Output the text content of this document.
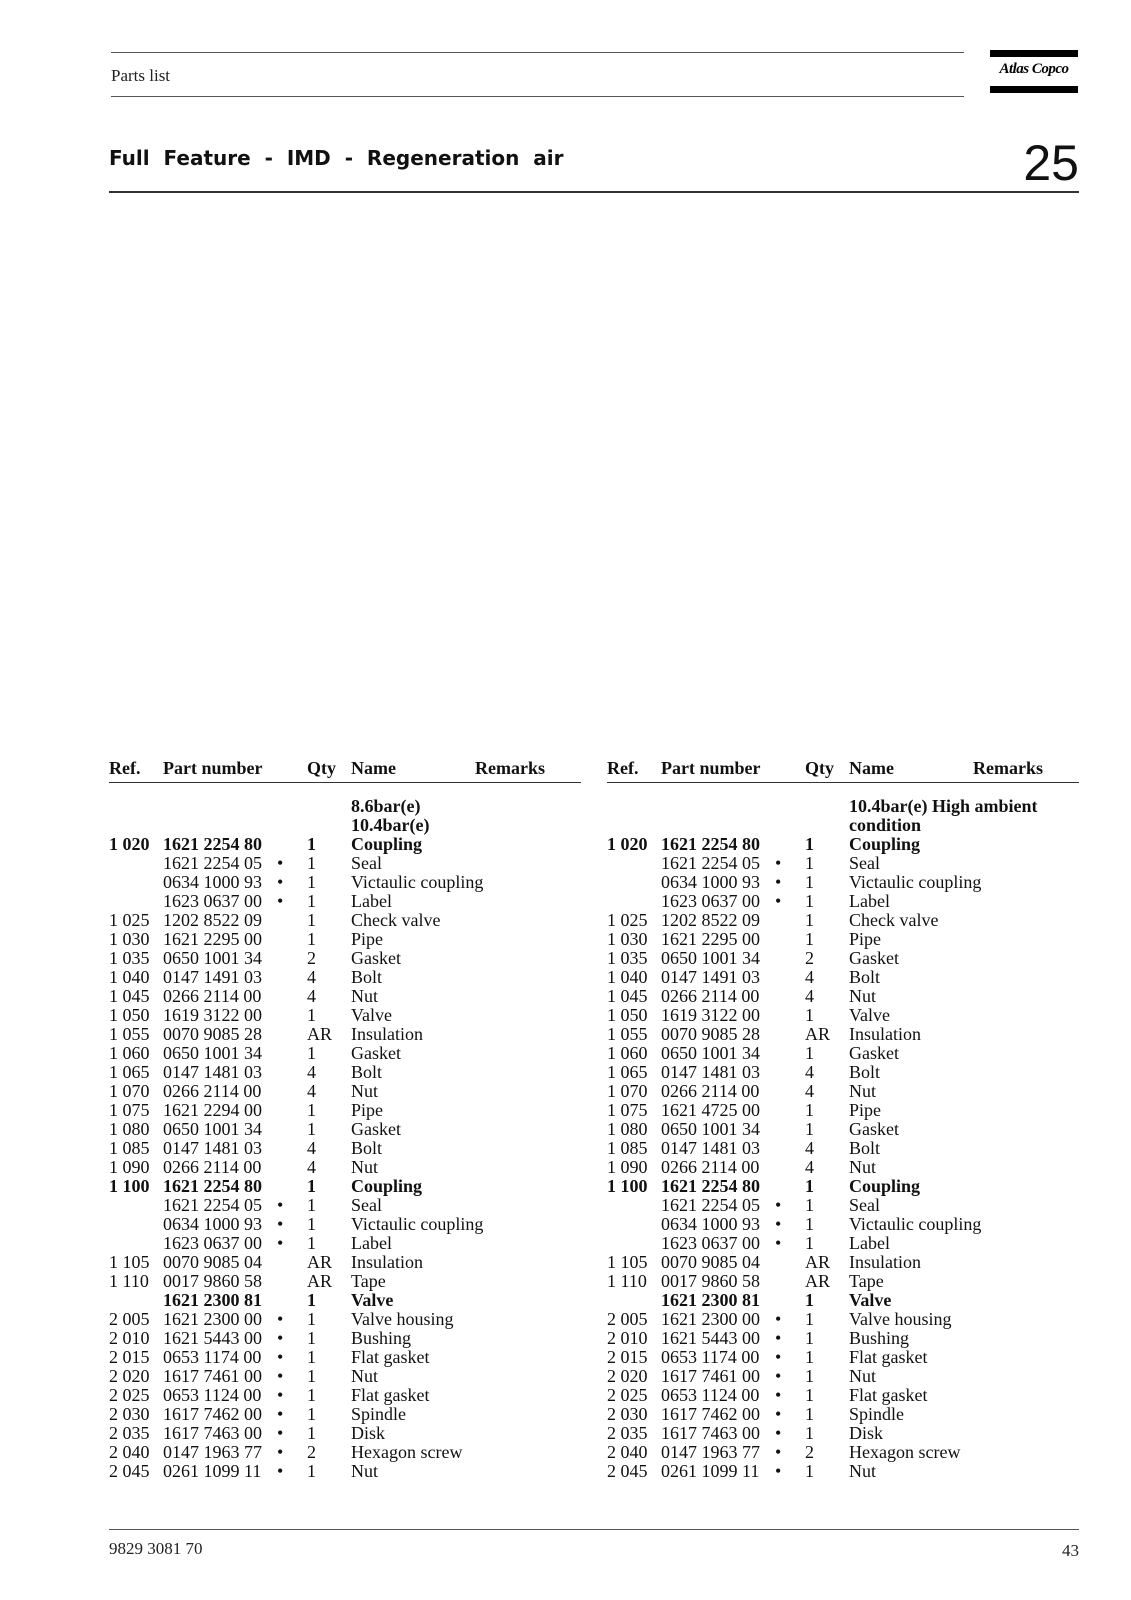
Parts list	Atlas Copco
Full  Feature  -  IMD  -  Regeneration  air	25
Ref. Part number Qty Name	Remarks
8.6bar(e)
10.4bar(e)
1 020 1621 2254 80	1 Coupling
1621 2254 05 • 1 Seal
0634 1000 93 • 1 Victaulic coupling
1623 0637 00 • 1 Label
1 025 1202 8522 09	1 Check valve
1 030 1621 2295 00	1 Pipe
1 035 0650 1001 34	2 Gasket
1 040 0147 1491 03	4 Bolt
1 045 0266 2114 00	4 Nut
1 050 1619 3122 00	1 Valve
1 055 0070 9085 28	AR Insulation
1 060 0650 1001 34	1 Gasket
1 065 0147 1481 03	4 Bolt
1 070 0266 2114 00	4 Nut
1 075 1621 2294 00	1 Pipe
1 080 0650 1001 34	1 Gasket
1 085 0147 1481 03	4 Bolt
1 090 0266 2114 00	4 Nut
1 100 1621 2254 80	1 Coupling
1621 2254 05 • 1 Seal
0634 1000 93 • 1 Victaulic coupling
1623 0637 00 • 1 Label
1 105 0070 9085 04	AR Insulation
1 110 0017 9860 58	AR Tape
1621 2300 81	1 Valve
2 005 1621 2300 00 • 1 Valve housing
2 010 1621 5443 00 • 1 Bushing
2 015 0653 1174 00 • 1 Flat gasket
2 020 1617 7461 00 • 1 Nut
2 025 0653 1124 00 • 1 Flat gasket
2 030 1617 7462 00 • 1 Spindle
2 035 1617 7463 00 • 1 Disk
2 040 0147 1963 77 • 2 Hexagon screw
2 045 0261 1099 11 • 1 Nut
Ref. Part number Qty Name	Remarks
10.4bar(e) High ambient
condition
1 020 1621 2254 80	1 Coupling
1621 2254 05 • 1 Seal
0634 1000 93 • 1 Victaulic coupling
1623 0637 00 • 1 Label
1 025 1202 8522 09	1 Check valve
1 030 1621 2295 00	1 Pipe
1 035 0650 1001 34	2 Gasket
1 040 0147 1491 03	4 Bolt
1 045 0266 2114 00	4 Nut
1 050 1619 3122 00	1 Valve
1 055 0070 9085 28	AR Insulation
1 060 0650 1001 34	1 Gasket
1 065 0147 1481 03	4 Bolt
1 070 0266 2114 00	4 Nut
1 075 1621 4725 00	1 Pipe
1 080 0650 1001 34	1 Gasket
1 085 0147 1481 03	4 Bolt
1 090 0266 2114 00	4 Nut
1 100 1621 2254 80	1 Coupling
1621 2254 05 • 1 Seal
0634 1000 93 • 1 Victaulic coupling
1623 0637 00 • 1 Label
1 105 0070 9085 04	AR Insulation
1 110 0017 9860 58	AR Tape
1621 2300 81	1 Valve
2 005 1621 2300 00 • 1 Valve housing
2 010 1621 5443 00 • 1 Bushing
2 015 0653 1174 00 • 1 Flat gasket
2 020 1617 7461 00 • 1 Nut
2 025 0653 1124 00 • 1 Flat gasket
2 030 1617 7462 00 • 1 Spindle
2 035 1617 7463 00 • 1 Disk
2 040 0147 1963 77 • 2 Hexagon screw
2 045 0261 1099 11 • 1 Nut
9829 3081 70	43
